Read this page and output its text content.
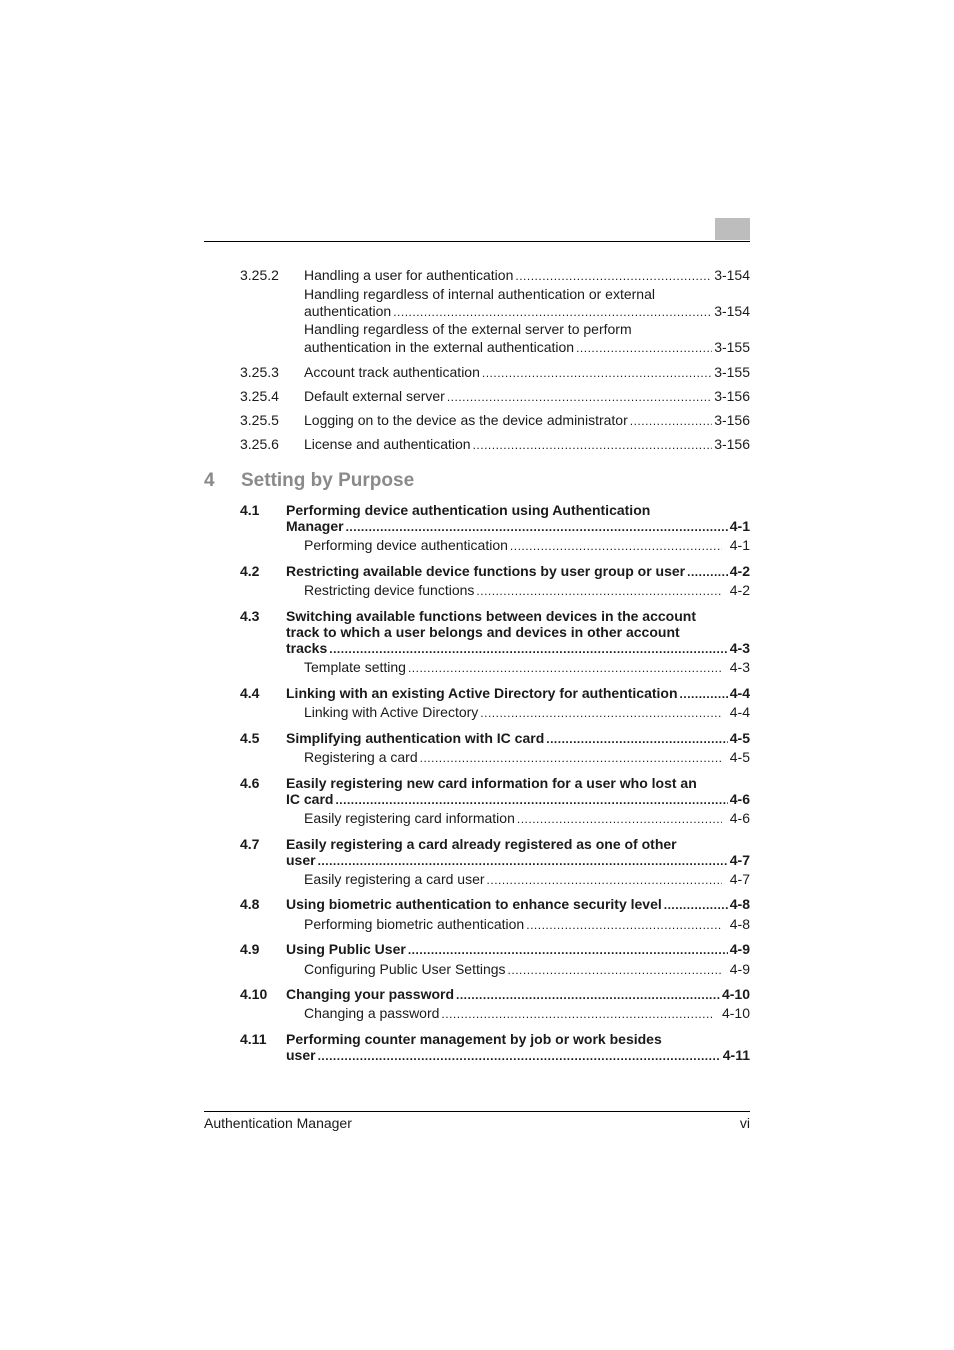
3.25.2 Handling a user for authentication .....	3-154
Handling regardless of internal authentication or external
authentication .....	3-154
Handling regardless of the external server to perform
authentication in the external authentication .....	3-155
3.25.3 Account track authentication .....	3-155
3.25.4 Default external server .....	3-156
3.25.5 Logging on to the device as the device administrator .....	3-156
3.25.6 License and authentication .....	3-156
4 Setting by Purpose
4.1 Performing device authentication using Authentication
Manager .....	4-1
Performing device authentication .....	4-1
4.2 Restricting available device functions by user group or user .....	4-2
Restricting device functions .....	4-2
4.3 Switching available functions between devices in the account
track to which a user belongs and devices in other account
tracks .....	4-3
Template setting .....	4-3
4.4 Linking with an existing Active Directory for authentication .....	4-4
Linking with Active Directory .....	4-4
4.5 Simplifying authentication with IC card .....	4-5
Registering a card .....	4-5
4.6 Easily registering new card information for a user who lost an
IC card .....	4-6
Easily registering card information .....	4-6
4.7 Easily registering a card already registered as one of other
user .....	4-7
Easily registering a card user .....	4-7
4.8 Using biometric authentication to enhance security level .....	4-8
Performing biometric authentication .....	4-8
4.9 Using Public User .....	4-9
Configuring Public User Settings .....	4-9
4.10 Changing your password .....	4-10
Changing a password .....	4-10
4.11 Performing counter management by job or work besides
user .....	4-11
Authentication Manager	vi
